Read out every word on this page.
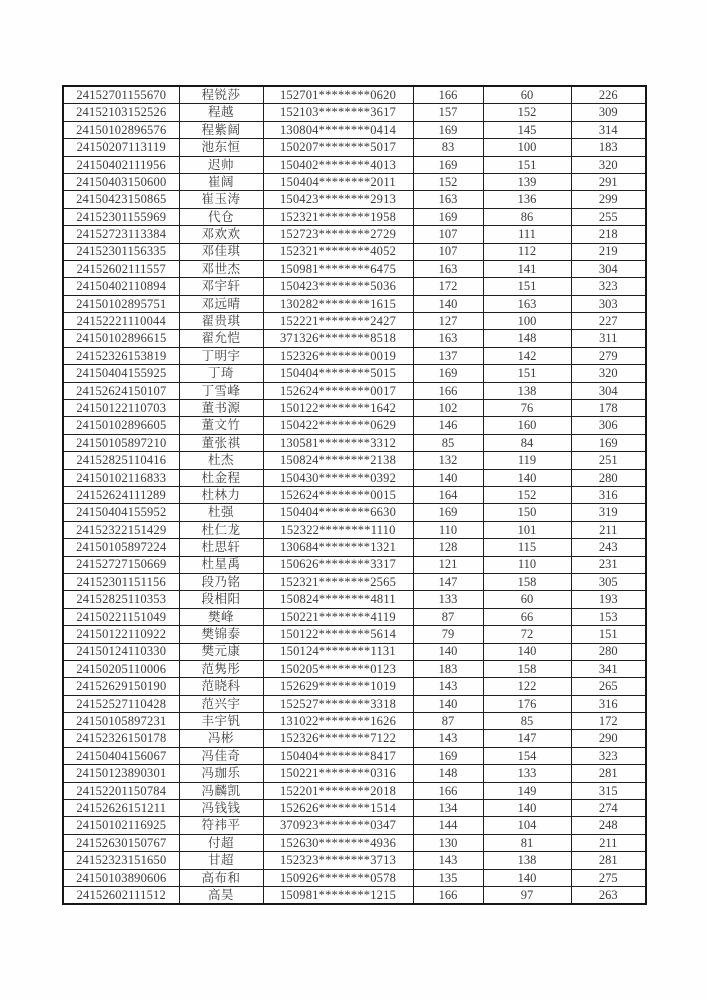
24152701155670	程锐莎	152701********0620	166	60	226
24152103152526	程越	152103********3617	157	152	309
24150102896576	程紫阔	130804********0414	169	145	314
24150207113119	池东恒	150207********5017	83	100	183
24150402111956	迟帅	150402********4013	169	151	320
24150403150600	崔阔	150404********2011	152	139	291
24150423150865	崔玉涛	150423********2913	163	136	299
24152301155969	代仓	152321********1958	169	86	255
24152723113384	邓欢欢	152723********2729	107	111	218
24152301156335	邓佳琪	152321********4052	107	112	219
24152602111557	邓世杰	150981********6475	163	141	304
24150402110894	邓宇轩	150423********5036	172	151	323
24150102895751	邓远晴	130282********1615	140	163	303
24152221110044	翟贵琪	152221********2427	127	100	227
24150102896615	翟允恺	371326********8518	163	148	311
24152326153819	丁明宇	152326********0019	137	142	279
24150404155925	丁琦	150404********5015	169	151	320
24152624150107	丁雪峰	152624********0017	166	138	304
24150122110703	董书源	150122********1642	102	76	178
24150102896605	董文竹	150422********0629	146	160	306
24150105897210	董张祺	130581********3312	85	84	169
24152825110416	杜杰	150824********2138	132	119	251
24150102116833	杜金程	150430********0392	140	140	280
24152624111289	杜林力	152624********0015	164	152	316
24150404155952	杜强	150404********6630	169	150	319
24152322151429	杜仁龙	152322********1110	110	101	211
24150105897224	杜思轩	130684********1321	128	115	243
24152727150669	杜星禹	150626********3317	121	110	231
24152301151156	段乃铭	152321********2565	147	158	305
24152825110353	段相阳	150824********4811	133	60	193
24150221151049	樊峰	150221********4119	87	66	153
24150122110922	樊锦泰	150122********5614	79	72	151
24150124110330	樊元康	150124********1131	140	140	280
24150205110006	范隽彤	150205********0123	183	158	341
24152629150190	范晓科	152629********1019	143	122	265
24152527110428	范兴宇	152527********3318	140	176	316
24150105897231	丰宇钒	131022********1626	87	85	172
24152326150178	冯彬	152326********7122	143	147	290
24150404156067	冯佳奇	150404********8417	169	154	323
24150123890301	冯珈乐	150221********0316	148	133	281
24152201150784	冯麟凯	152201********2018	166	149	315
24152626151211	冯钱钱	152626********1514	134	140	274
24150102116925	符祎平	370923********0347	144	104	248
24152630150767	付超	152630********4936	130	81	211
24152323151650	甘超	152323********3713	143	138	281
24150103890606	高布和	150926********0578	135	140	275
24152602111512	高昊	150981********1215	166	97	263
